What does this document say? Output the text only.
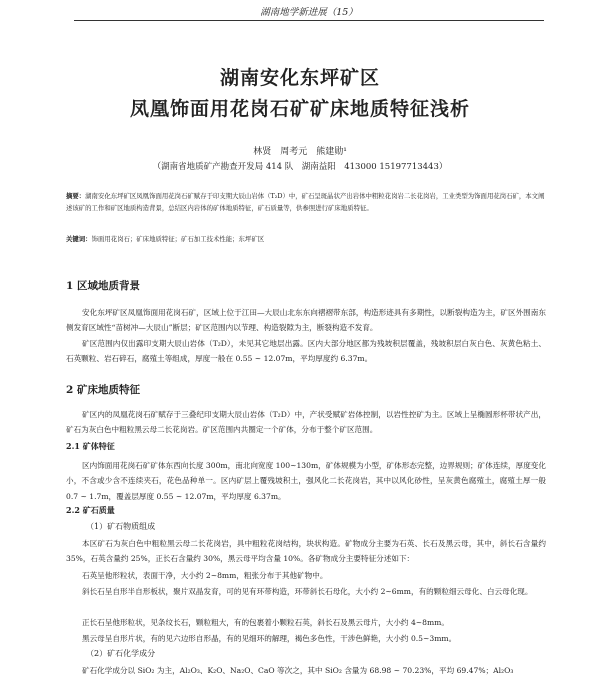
湖南地学新进展（15）
湖南安化东坪矿区
凤凰饰面用花岗石矿矿床地质特征浅析
林贤　周考元　熊建勋¹
（湖南省地质矿产勘查开发局 414 队　湖南益阳　413000 15197713443）
摘要：湖南安化东坪矿区凤凰饰面用花岗石矿赋存于印支期大辰山岩体（T₂D）中，矿石呈斑晶状产出岩体中粗粒花岗岩二长花岗岩，工业类型为饰面用花岗石矿，本文阐述该矿的工作和矿区地质构造背景，总结区内岩体的矿体地质特征，矿石质量等，供参照进行矿床地质特征。
关键词：饰面用花岗石；矿床地质特征；矿石加工技术性能；东坪矿区
1 区域地质背景
安化东坪矿区凤凰饰面用花岗石矿，区域上位于江田—大辰山北东东向褶褶带东部，构造形迹具有多期性，以断裂构造为主，矿区外围南东侧发育区域性“苗树冲—大辰山”断层；矿区范围内以节理、构造裂隙为主，断裂构造不发育。
矿区范围内仅出露印支期大辰山岩体（T₂D），未见其它地层出露。区内大部分地区都为残坡积层覆盖，残坡积层白灰白色、灰黄色粘土、石英颗粒、岩石碎石，腐殖土等组成，厚度一般在 0.55 ~ 12.07m，平均厚度约 6.37m。
2 矿床地质特征
矿区内的凤凰花岗石矿赋存于三叠纪印支期大辰山岩体（T₂D）中，产状受赋矿岩体控制，以岩性控矿为主。区域上呈椭圆形杯带状产出，矿石为灰白色中粗粒黑云母二长花岗岩。矿区范围内共圈定一个矿体，分布于整个矿区范围。
2.1 矿体特征
区内饰面用花岗石矿矿体东西向长度 300m，南北向宽度 100~130m，矿体规模为小型，矿体形态完整，边界规则；矿体连续，厚度变化小，不含或少含不连续夹石，花色品种单一。区内矿层上覆残坡积土，强风化二长花岗岩，其中以风化砂性，呈灰黄色腐殖土，腐殖土厚一般 0.7 ~ 1.7m，覆盖层厚度 0.55 ~ 12.07m，平均厚度 6.37m。
2.2 矿石质量
（1）矿石物质组成
本区矿石为灰白色中粗粒黑云母二长花岗岩，具中粗粒花岗结构，块状构造。矿物成分主要为石英、长石及黑云母，其中，斜长石含量约 35%，石英含量约 25%，正长石含量约 30%，黑云母平均含量 10%。各矿物成分主要特征分述如下：
石英呈他形粒状，表面干净，大小约 2~8mm，粗张分布于其他矿物中。
斜长石呈自形半自形板状，聚片双晶发育，可的见有环带构造，环带斜长石母化，大小约 2~6mm，有的颗粒细云母化、白云母化现。
正长石呈他形粒状，见条纹长石，颗粒粗大，有的包裹着小颗粒石英，斜长石及黑云母片，大小约 4~8mm。
黑云母呈自形片状，有的见六边形自形晶，有的见细环的解理，褐色多色性，干涉色鲜艳，大小约 0.5~3mm。
（2）矿石化学成分
矿石化学成分以 SiO₂ 为主，Al₂O₃、K₂O、Na₂O、CaO 等次之，其中 SiO₂ 含量为 68.98 ~ 70.23%，平均 69.47%；Al₂O₃
